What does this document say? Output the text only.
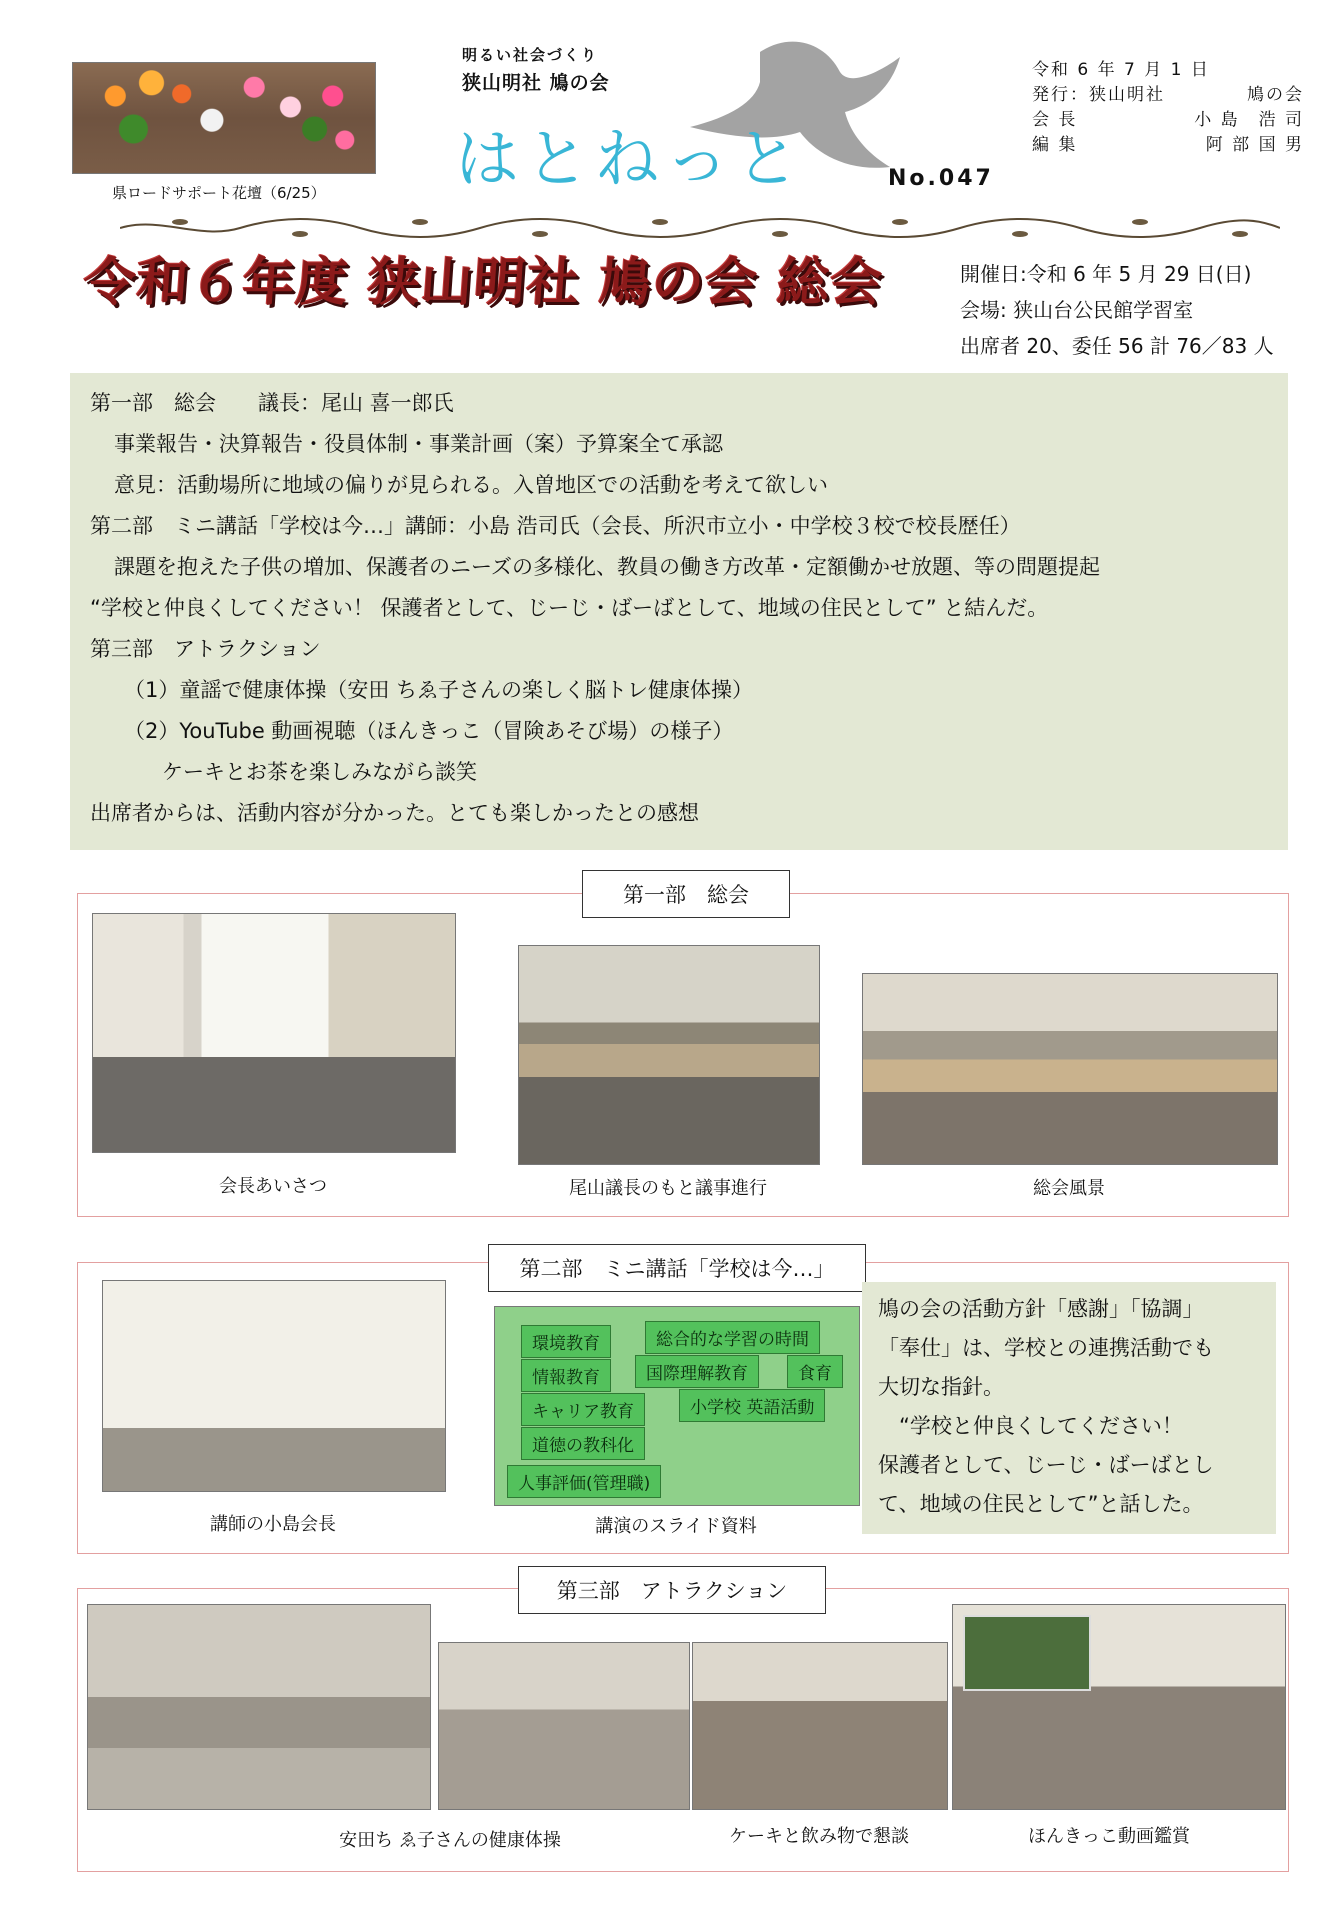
県ロードサポート花壇（6/25）
明るい社会づくり
狭山明社 鳩の会
はとねっと	No.047
令和 6 年 7 月 1 日
発行：狭山明社	鳩の会
会 長	小 島　浩 司
編 集	阿 部 国 男
令和６年度 狭山明社 鳩の会 総会	開催日:令和 6 年 5 月 29 日(日)
会場: 狭山台公民館学習室
出席者 20、委任 56 計 76／83 人

第一部　総会　　議長：尾山 喜一郎氏

事業報告・決算報告・役員体制・事業計画（案）予算案全て承認

意見：活動場所に地域の偏りが見られる。入曽地区での活動を考えて欲しい

第二部　ミニ講話「学校は今…」講師：小島 浩司氏（会長、所沢市立小・中学校３校で校長歴任）

課題を抱えた子供の増加、保護者のニーズの多様化、教員の働き方改革・定額働かせ放題、等の問題提起

“学校と仲良くしてください！ 保護者として、じーじ・ばーばとして、地域の住民として” と結んだ。

第三部　アトラクション

（1）童謡で健康体操（安田 ちゑ子さんの楽しく脳トレ健康体操）

（2）YouTube 動画視聴（ほんきっこ（冒険あそび場）の様子）

ケーキとお茶を楽しみながら談笑

出席者からは、活動内容が分かった。とても楽しかったとの感想

第一部　総会
会長あいさつ	尾山議長のもと議事進行	総会風景
第二部　ミニ講話「学校は今…」
講師の小島会長
環境教育	総合的な学習の時間
情報教育	国際理解教育	食育
キャリア教育	小学校 英語活動
道徳の教科化
人事評価(管理職)
講演のスライド資料

鳩の会の活動方針「感謝」「協調」

「奉仕」は、学校との連携活動でも

大切な指針。

　“学校と仲良くしてください！

保護者として、じーじ・ばーばとし

て、地域の住民として”と話した。

第三部　アトラクション
安田ち ゑ子さんの健康体操	ケーキと飲み物で懇談	ほんきっこ動画鑑賞
